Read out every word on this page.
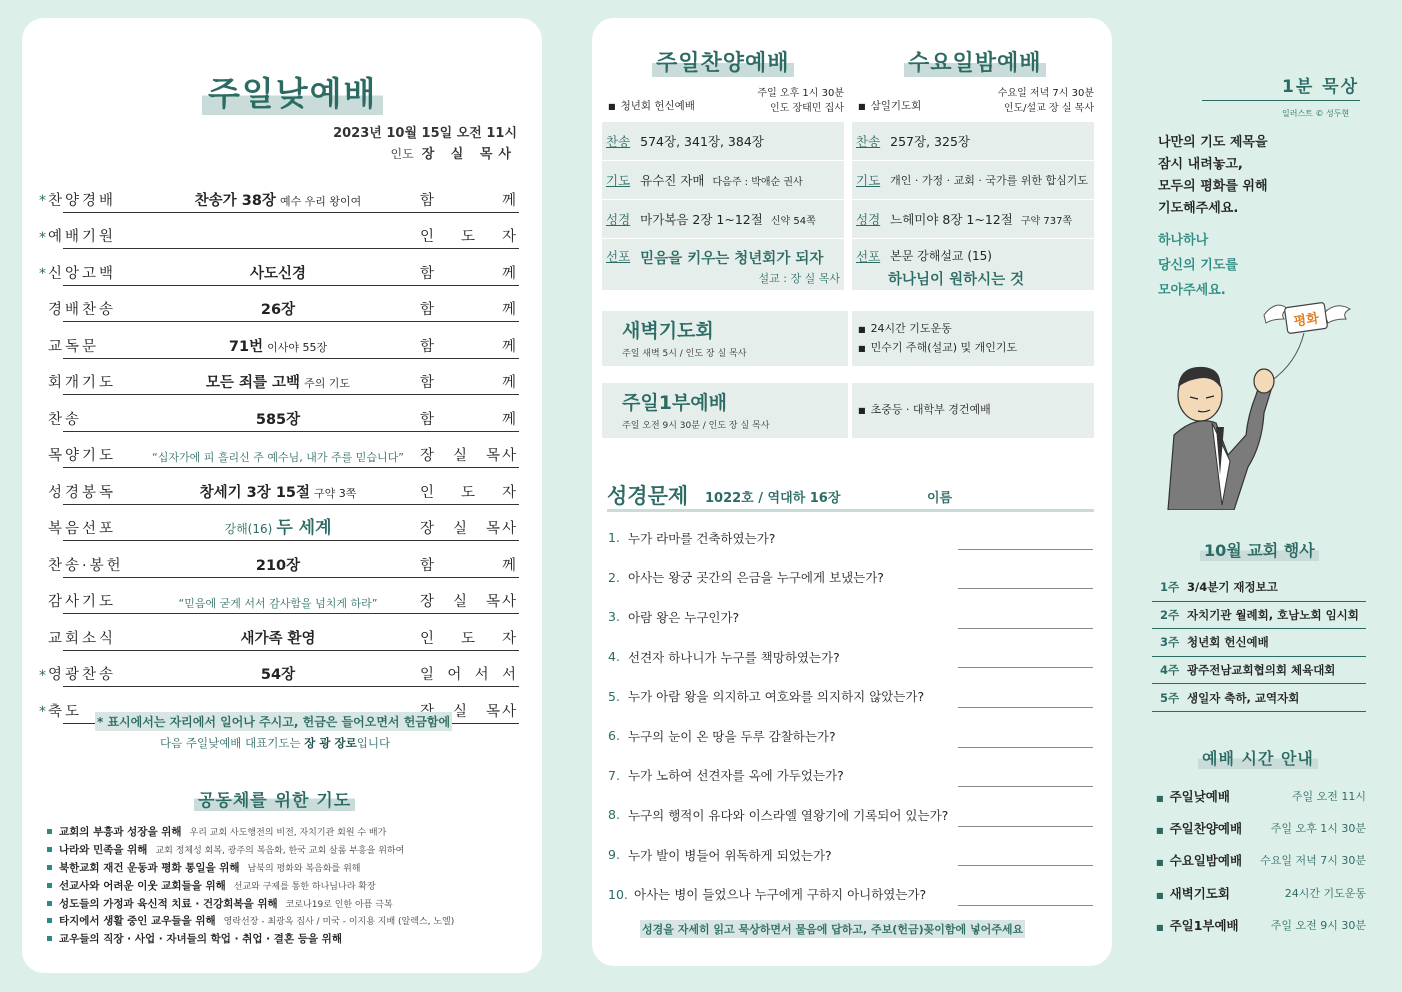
주일낮예배
2023년 10월 15일 오전 11시
인도 장 실 목사
* 찬양경배	찬송가 38장 예수 우리 왕이여	함	께
* 예배기원	인 도 자
* 신앙고백	사도신경	함	께
경배찬송	26장	함	께
교독문	71번 이사야 55장	함	께
회개기도	모든 죄를 고백 주의 기도	함	께
찬송	585장	함	께
목양기도	“십자가에 피 흘리신 주 예수님, 내가 주를 믿습니다” 장 실 목사
성경봉독	창세기 3장 15절 구약 3쪽	인 도 자
복음선포	강해(16) 두 세계	장 실 목사
찬송·봉헌	210장	함	께
감사기도	“믿음에 굳게 서서 감사함을 넘치게 하라”	장 실 목사
교회소식	새가족 환영	인 도 자
* 영광찬송	54장	일 어 서 서
* 축도	실 목사
* 표시에서는 자리에서 일어나 주시고, 헌금은 들어오면서 헌금함에
다음 주일낮예배 대표기도는 장 광 장로입니다
공동체를 위한 기도
교회의 부흥과 성장을 위해 우리 교회 사도행전의 비전, 자치기관 회원 수 배가
나라와 민족을 위해 교회 정체성 회복, 광주의 복음화, 한국 교회 살롬 부흥을 위하여
북한교회 재건 운동과 평화 통일을 위해 남북의 평화와 복음화를 위해
선교사와 어려운 이웃 교회들을 위해 선교와 구제를 통한 하나님나라 확장
성도들의 가정과 육신적 치료 · 건강회복을 위해 코로나19로 인한 아픔 극복
타지에서 생활 중인 교우들을 위해 영락선장 - 최광옥 집사 / 미국 - 이지용 지배 (알렉스, 노엘)
교우들의 직장 · 사업 · 자녀들의 학업 · 취업 · 결혼 등을 위해
주일찬양예배	수요일밤예배
■ 청년회 헌신예배
주일 오후 1시 30분
인도 장태민 집사
찬송 574장, 341장, 384장
기도 유수진 자매 다음주 : 박애순 권사
성경 마가복음 2장 1~12절 신약 54쪽
선포 믿음을 키우는 청년회가 되자
설교 : 장 실 목사
■ 삼일기도회
수요일 저녁 7시 30분
인도/설교 장 실 목사
찬송 257장, 325장
기도 개인 · 가정 · 교회 · 국가를 위한 합심기도
성경 느헤미야 8장 1~12절 구약 737쪽
선포 본문 강해설교 (15)
하나님이 원하시는 것
새벽기도회
주일 새벽 5시 / 인도 장 실 목사
■ 24시간 기도운동
■ 민수기 주해(설교) 및 개인기도
주일1부예배
주일 오전 9시 30분 / 인도 장 실 목사
■ 초중등 · 대학부 경건예배
성경문제 1022호 / 역대하 16장	이름
1. 누가 라마를 건축하였는가?
2. 아사는 왕궁 곳간의 은금을 누구에게 보냈는가?
3. 아람 왕은 누구인가?
4. 선견자 하나니가 누구를 책망하였는가?
5. 누가 아람 왕을 의지하고 여호와를 의지하지 않았는가?
6. 누구의 눈이 온 땅을 두루 감찰하는가?
7. 누가 노하여 선견자를 옥에 가두었는가?
8. 누구의 행적이 유다와 이스라엘 열왕기에 기록되어 있는가?
9. 누가 발이 병들어 위독하게 되었는가?
10. 아사는 병이 들었으나 누구에게 구하지 아니하였는가?
성경을 자세히 읽고 묵상하면서 물음에 답하고, 주보(헌금)꽂이함에 넣어주세요
1분 묵상
일러스트 © 성두현
나만의 기도 제목을
잠시 내려놓고,
모두의 평화를 위해
기도해주세요.
하나하나
당신의 기도를
모아주세요.
평화
10월 교회 행사
1주 3/4분기 재정보고
2주 자치기관 월례회, 호남노회 임시회
3주 청년회 헌신예배
4주 광주전남교회협의회 체육대회
5주 생일자 축하, 교역자회
예배 시간 안내
■ 주일낮예배	주일 오전 11시
■ 주일찬양예배	주일 오후 1시 30분
■ 수요일밤예배 수요일 저녁 7시 30분
■ 새벽기도회	24시간 기도운동
■ 주일1부예배	주일 오전 9시 30분
